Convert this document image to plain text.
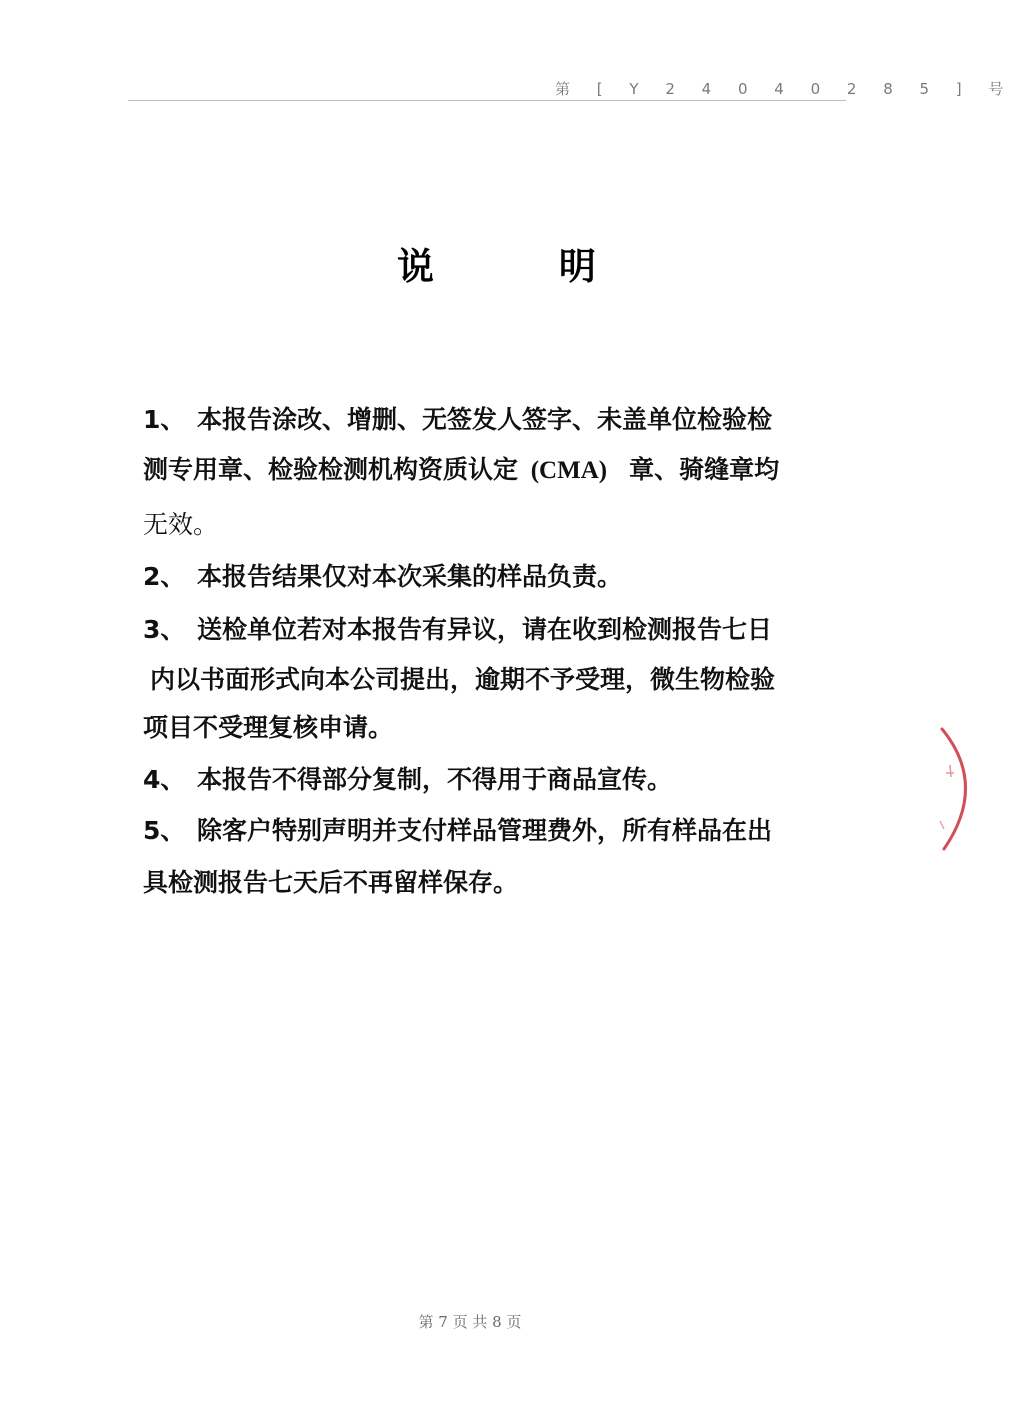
第 [ Y 2 4 0 4 0 2 8 5 ] 号
说 明
1、 本报告涂改、增删、无签发人签字、未盖单位检验检
测专用章、检验检测机构资质认定 (CMA) 章、骑缝章均
无效。
2、 本报告结果仅对本次采集的样品负责。
3、 送检单位若对本报告有异议，请在收到检测报告七日
内以书面形式向本公司提出，逾期不予受理，微生物检验
项目不受理复核申请。
4、 本报告不得部分复制，不得用于商品宣传。
5、 除客户特别声明并支付样品管理费外，所有样品在出
具检测报告七天后不再留样保存。
第 7 页 共 8 页
